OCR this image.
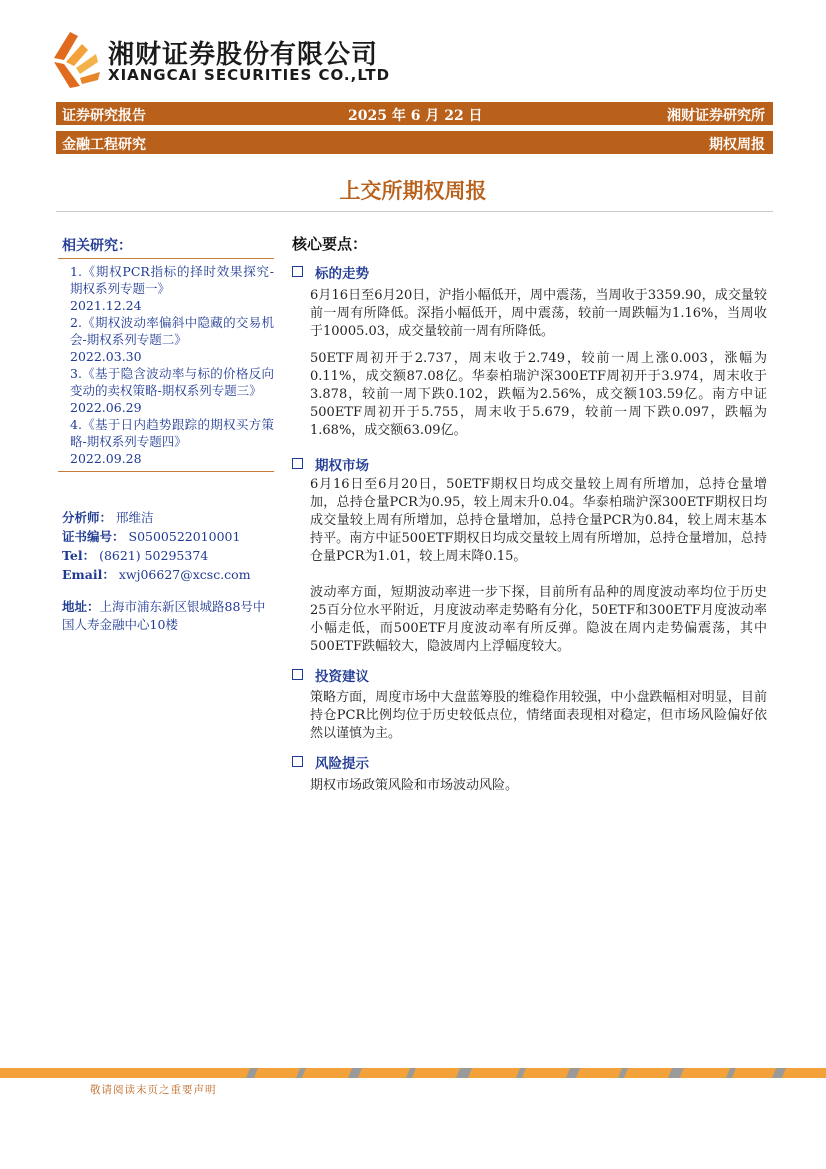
湘财证券股份有限公司
XIANGCAI SECURITIES CO.,LTD
证券研究报告	2025 年 6 月 22 日	湘财证券研究所
金融工程研究	期权周报
上交所期权周报
相关研究：
1.《期权PCR指标的择时效果探究-期权系列专题一》
2021.12.24
2.《期权波动率偏斜中隐藏的交易机会-期权系列专题二》
2022.03.30
3.《基于隐含波动率与标的价格反向变动的卖权策略-期权系列专题三》
2022.06.29
4.《基于日内趋势跟踪的期权买方策略-期权系列专题四》
2022.09.28
分析师： 邢维洁
证书编号： S0500522010001
Tel： (8621) 50295374
Email： xwj06627@xcsc.com
地址：上海市浦东新区银城路88号中国人寿金融中心10楼
核心要点：
标的走势
6月16日至6月20日，沪指小幅低开，周中震荡，当周收于3359.90，成交量较前一周有所降低。深指小幅低开，周中震荡，较前一周跌幅为1.16%，当周收于10005.03，成交量较前一周有所降低。
50ETF周初开于2.737，周末收于2.749，较前一周上涨0.003，涨幅为0.11%，成交额87.08亿。华泰柏瑞沪深300ETF周初开于3.974，周末收于3.878，较前一周下跌0.102，跌幅为2.56%，成交额103.59亿。南方中证500ETF周初开于5.755，周末收于5.679，较前一周下跌0.097，跌幅为1.68%，成交额63.09亿。
期权市场
6月16日至6月20日，50ETF期权日均成交量较上周有所增加，总持仓量增加，总持仓量PCR为0.95，较上周末升0.04。华泰柏瑞沪深300ETF期权日均成交量较上周有所增加，总持仓量增加，总持仓量PCR为0.84，较上周末基本持平。南方中证500ETF期权日均成交量较上周有所增加，总持仓量增加，总持仓量PCR为1.01，较上周末降0.15。
波动率方面，短期波动率进一步下探，目前所有品种的周度波动率均位于历史25百分位水平附近，月度波动率走势略有分化，50ETF和300ETF月度波动率小幅走低，而500ETF月度波动率有所反弹。隐波在周内走势偏震荡，其中500ETF跌幅较大，隐波周内上浮幅度较大。
投资建议
策略方面，周度市场中大盘蓝筹股的维稳作用较强，中小盘跌幅相对明显，目前持仓PCR比例均位于历史较低点位，情绪面表现相对稳定，但市场风险偏好依然以谨慎为主。
风险提示
期权市场政策风险和市场波动风险。
敬请阅读末页之重要声明
